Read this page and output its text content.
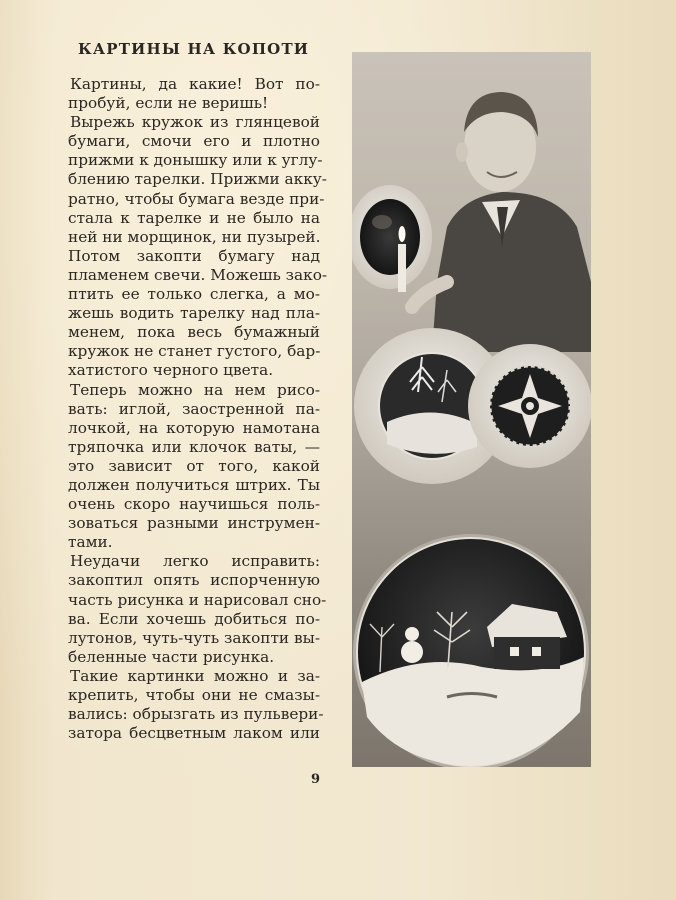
КАРТИНЫ НА КОПОТИ
Картины, да какие! Вот по-
пробуй, если не веришь!
Вырежь кружок из глянцевой
бумаги, смочи его и плотно
прижми к донышку или к углу-
блению тарелки. Прижми акку-
ратно, чтобы бумага везде при-
стала к тарелке и не было на
ней ни морщинок, ни пузырей.
Потом закопти бумагу над
пламенем свечи. Можешь зако-
птить ее только слегка, а мо-
жешь водить тарелку над пла-
менем, пока весь бумажный
кружок не станет густого, бар-
хатистого черного цвета.
Теперь можно на нем рисо-
вать: иглой, заостренной па-
лочкой, на которую намотана
тряпочка или клочок ваты, —
это зависит от того, какой
должен получиться штрих. Ты
очень скоро научишься поль-
зоваться разными инструмен-
тами.
Неудачи легко исправить:
закоптил опять испорченную
часть рисунка и нарисовал сно-
ва. Если хочешь добиться по-
лутонов, чуть-чуть закопти вы-
беленные части рисунка.
Такие картинки можно и за-
крепить, чтобы они не смазы-
вались: обрызгать из пульвери-
затора бесцветным лаком или
9
